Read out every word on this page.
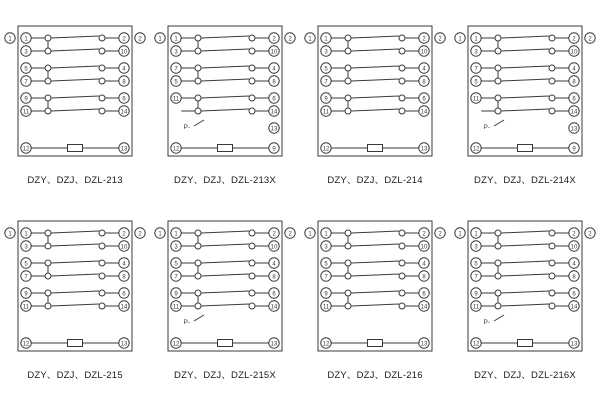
1
3
5
7
9
11
12
2
10
4
8
6
14
13
1	2
DZY、DZJ、DZL-213
1
3
7
5
11
12
2
10
4
8
6
14
13
9
1	2
P-
DZY、DZJ、DZL-213X
1
3
5
7
9
11
12
2
10
4
8
6
14
13
1	2
DZY、DZJ、DZL-214
1
3
7
5
11
12
2
10
4
8
6
14
13
9
1	2
P-
DZY、DZJ、DZL-214X
1
3
5
7
9
11
12
2
10
4
8
6
14
13
1	2
DZY、DZJ、DZL-215
1
3
5
7
9
11
12
2
10
4
8
6
14
13
1	2
P-
DZY、DZJ、DZL-215X
1
3
5
7
9
11
12
2
10
4
8
6
14
13
1	2
DZY、DZJ、DZL-216
1
3
5
7
9
11
12
2
10
4
8
6
14
13
1	2
P-
DZY、DZJ、DZL-216X
